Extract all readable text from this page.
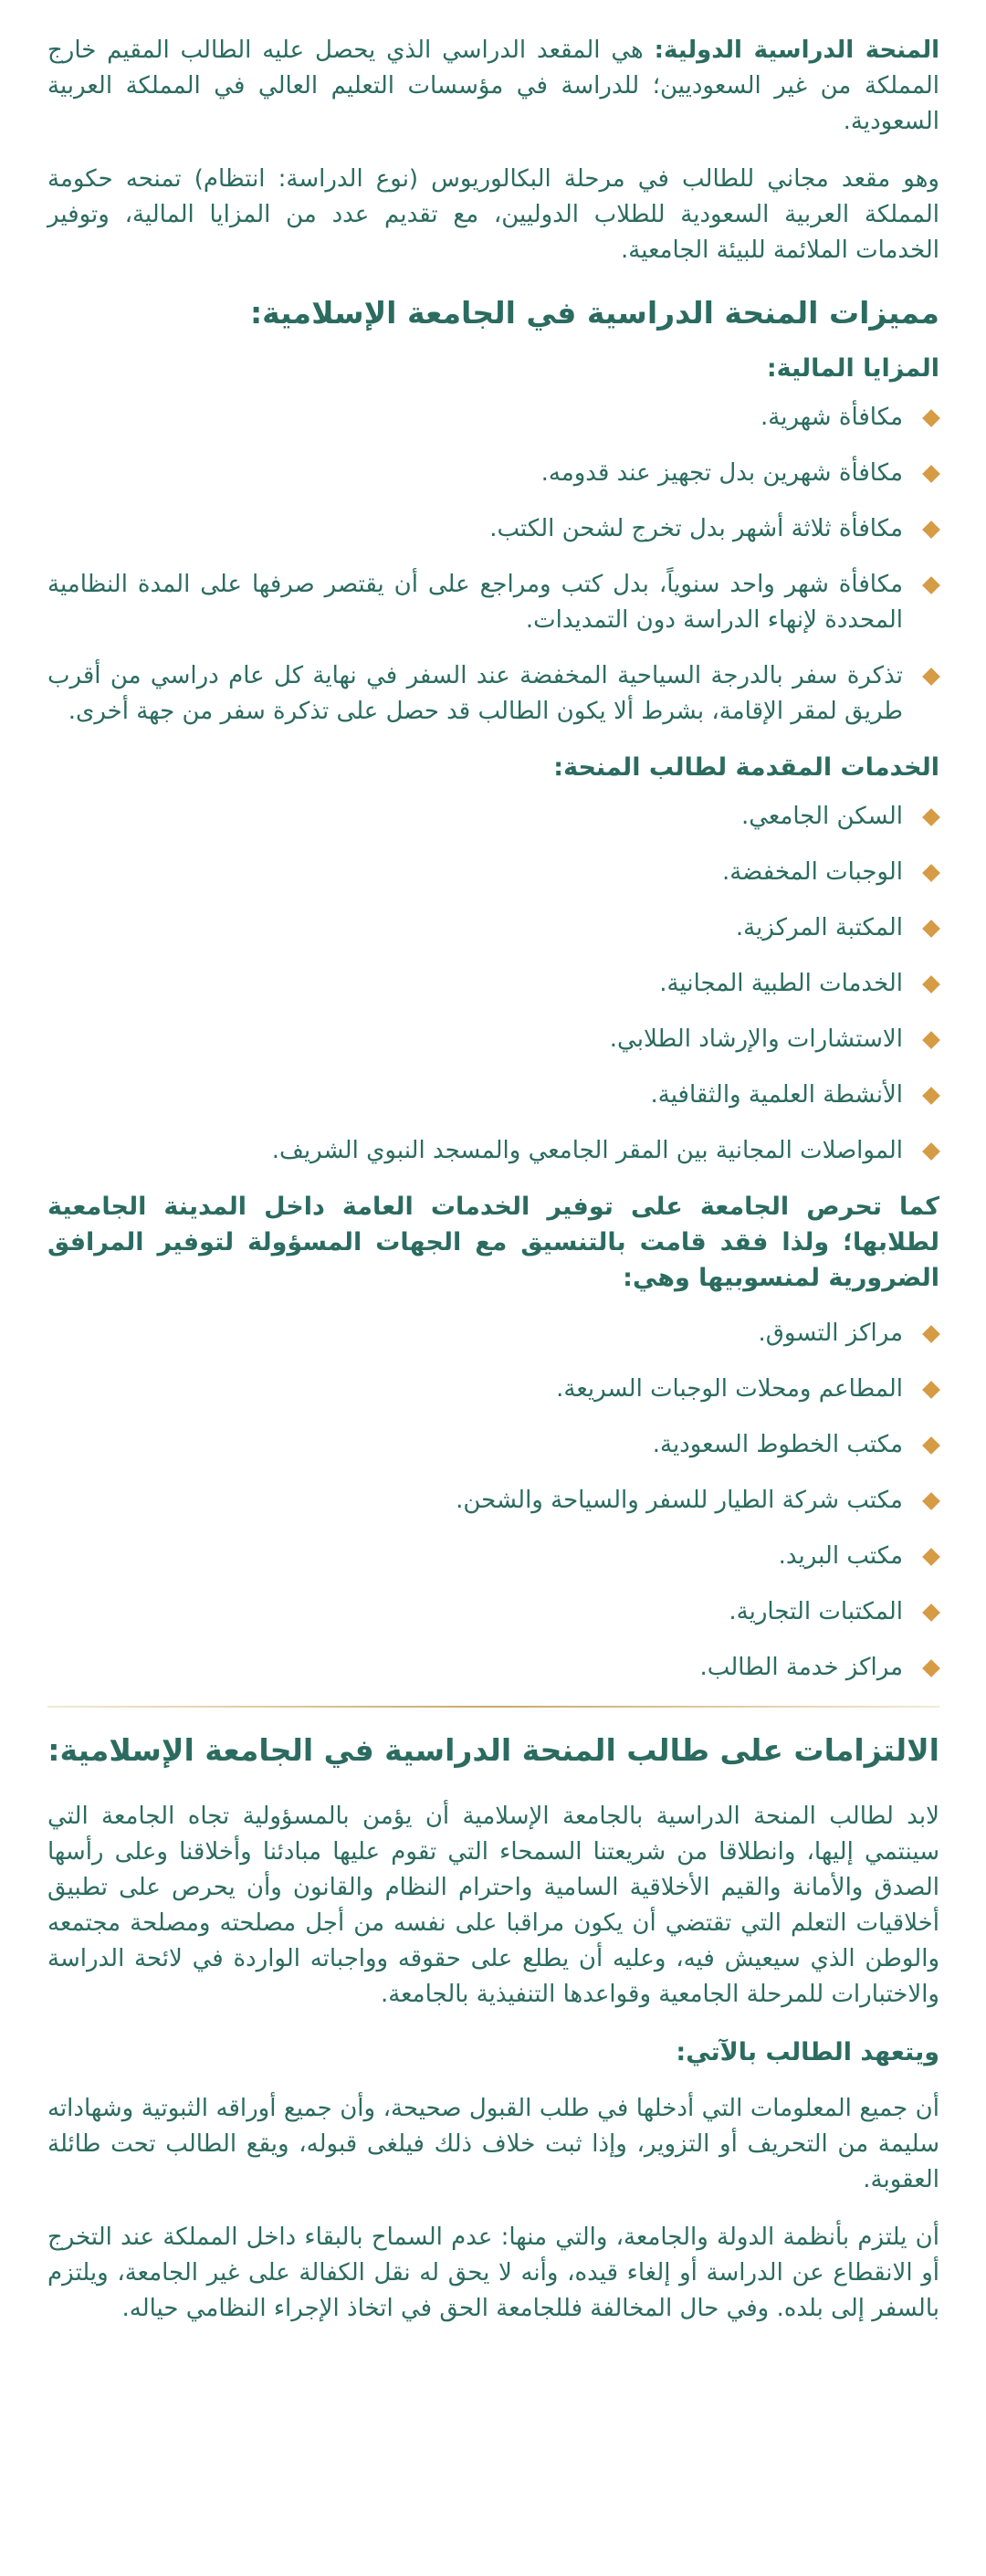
المنحة الدراسية الدولية: هي المقعد الدراسي الذي يحصل عليه الطالب المقيم خارج المملكة من غير السعوديين؛ للدراسة في مؤسسات التعليم العالي في المملكة العربية السعودية.

وهو مقعد مجاني للطالب في مرحلة البكالوريوس (نوع الدراسة: انتظام) تمنحه حكومة المملكة العربية السعودية للطلاب الدوليين، مع تقديم عدد من المزايا المالية، وتوفير الخدمات الملائمة للبيئة الجامعية.

مميزات المنحة الدراسية في الجامعة الإسلامية:
المزايا المالية:
مكافأة شهرية.
مكافأة شهرين بدل تجهيز عند قدومه.
مكافأة ثلاثة أشهر بدل تخرج لشحن الكتب.
مكافأة شهر واحد سنوياً، بدل كتب ومراجع على أن يقتصر صرفها على المدة النظامية المحددة لإنهاء الدراسة دون التمديدات.
تذكرة سفر بالدرجة السياحية المخفضة عند السفر في نهاية كل عام دراسي من أقرب طريق لمقر الإقامة، بشرط ألا يكون الطالب قد حصل على تذكرة سفر من جهة أخرى.
الخدمات المقدمة لطالب المنحة:
السكن الجامعي.
الوجبات المخفضة.
المكتبة المركزية.
الخدمات الطبية المجانية.
الاستشارات والإرشاد الطلابي.
الأنشطة العلمية والثقافية.
المواصلات المجانية بين المقر الجامعي والمسجد النبوي الشريف.
كما تحرص الجامعة على توفير الخدمات العامة داخل المدينة الجامعية لطلابها؛ ولذا فقد قامت بالتنسيق مع الجهات المسؤولة لتوفير المرافق الضرورية لمنسوبيها وهي:
مراكز التسوق.
المطاعم ومحلات الوجبات السريعة.
مكتب الخطوط السعودية.
مكتب شركة الطيار للسفر والسياحة والشحن.
مكتب البريد.
المكتبات التجارية.
مراكز خدمة الطالب.
الالتزامات على طالب المنحة الدراسية في الجامعة الإسلامية:

لابد لطالب المنحة الدراسية بالجامعة الإسلامية أن يؤمن بالمسؤولية تجاه الجامعة التي سينتمي إليها، وانطلاقا من شريعتنا السمحاء التي تقوم عليها مبادئنا وأخلاقنا وعلى رأسها الصدق والأمانة والقيم الأخلاقية السامية واحترام النظام والقانون وأن يحرص على تطبيق أخلاقيات التعلم التي تقتضي أن يكون مراقبا على نفسه من أجل مصلحته ومصلحة مجتمعه والوطن الذي سيعيش فيه، وعليه أن يطلع على حقوقه وواجباته الواردة في لائحة الدراسة والاختبارات للمرحلة الجامعية وقواعدها التنفيذية بالجامعة.

ويتعهد الطالب بالآتي:

أن جميع المعلومات التي أدخلها في طلب القبول صحيحة، وأن جميع أوراقه الثبوتية وشهاداته سليمة من التحريف أو التزوير، وإذا ثبت خلاف ذلك فيلغى قبوله، ويقع الطالب تحت طائلة العقوبة.

أن يلتزم بأنظمة الدولة والجامعة، والتي منها: عدم السماح بالبقاء داخل المملكة عند التخرج أو الانقطاع عن الدراسة أو إلغاء قيده، وأنه لا يحق له نقل الكفالة على غير الجامعة، ويلتزم بالسفر إلى بلده. وفي حال المخالفة فللجامعة الحق في اتخاذ الإجراء النظامي حياله.
